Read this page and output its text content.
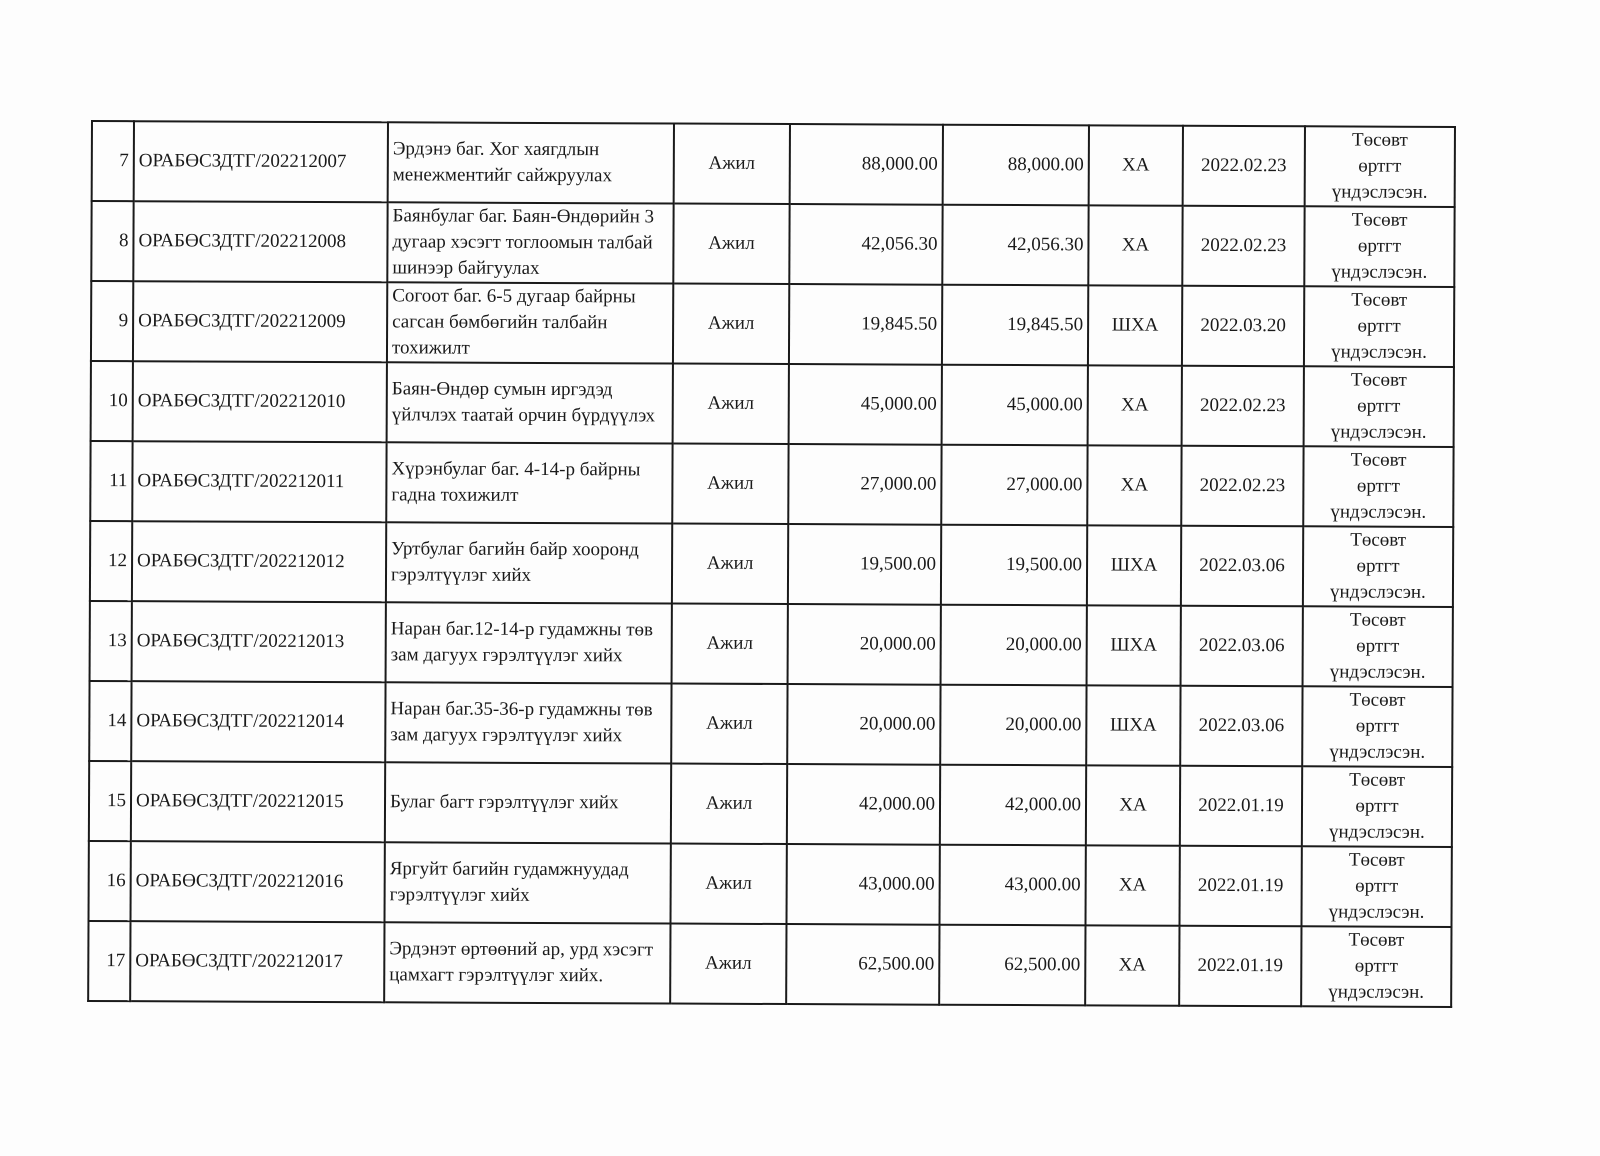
7	ОРАБӨСЗДТГ/202212007	Эрдэнэ баг. Хог хаягдлын менежментийг сайжруулах	Ажил	88,000.00	88,000.00	ХА	2022.02.23	Төсөвт
өртгт
үндэслэсэн.

8	ОРАБӨСЗДТГ/202212008	Баянбулаг баг. Баян-Өндөрийн 3 дугаар хэсэгт тоглоомын талбай шинээр байгуулах	Ажил	42,056.30	42,056.30	ХА	2022.02.23	Төсөвт
өртгт
үндэслэсэн.

9	ОРАБӨСЗДТГ/202212009	Согоот баг. 6-5 дугаар байрны сагсан бөмбөгийн талбайн тохижилт	Ажил	19,845.50	19,845.50	ШХА	2022.03.20	Төсөвт
өртгт
үндэслэсэн.

10	ОРАБӨСЗДТГ/202212010	Баян-Өндөр сумын иргэдэд үйлчлэх таатай орчин бүрдүүлэх	Ажил	45,000.00	45,000.00	ХА	2022.02.23	Төсөвт
өртгт
үндэслэсэн.

11	ОРАБӨСЗДТГ/202212011	Хүрэнбулаг баг. 4-14-р байрны гадна тохижилт	Ажил	27,000.00	27,000.00	ХА	2022.02.23	Төсөвт
өртгт
үндэслэсэн.

12	ОРАБӨСЗДТГ/202212012	Уртбулаг багийн байр хооронд гэрэлтүүлэг хийх	Ажил	19,500.00	19,500.00	ШХА	2022.03.06	Төсөвт
өртгт
үндэслэсэн.

13	ОРАБӨСЗДТГ/202212013	Наран баг.12-14-р гудамжны төв зам дагуух гэрэлтүүлэг хийх	Ажил	20,000.00	20,000.00	ШХА	2022.03.06	Төсөвт
өртгт
үндэслэсэн.

14	ОРАБӨСЗДТГ/202212014	Наран баг.35-36-р гудамжны төв зам дагуух гэрэлтүүлэг хийх	Ажил	20,000.00	20,000.00	ШХА	2022.03.06	Төсөвт
өртгт
үндэслэсэн.

15	ОРАБӨСЗДТГ/202212015	Булаг багт гэрэлтүүлэг хийх	Ажил	42,000.00	42,000.00	ХА	2022.01.19	Төсөвт
өртгт
үндэслэсэн.

16	ОРАБӨСЗДТГ/202212016	Яргуйт багийн гудамжнуудад гэрэлтүүлэг хийх	Ажил	43,000.00	43,000.00	ХА	2022.01.19	Төсөвт
өртгт
үндэслэсэн.

17	ОРАБӨСЗДТГ/202212017	Эрдэнэт өртөөний ар, урд хэсэгт цамхагт гэрэлтүүлэг хийх.	Ажил	62,500.00	62,500.00	ХА	2022.01.19	Төсөвт
өртгт
үндэслэсэн.
